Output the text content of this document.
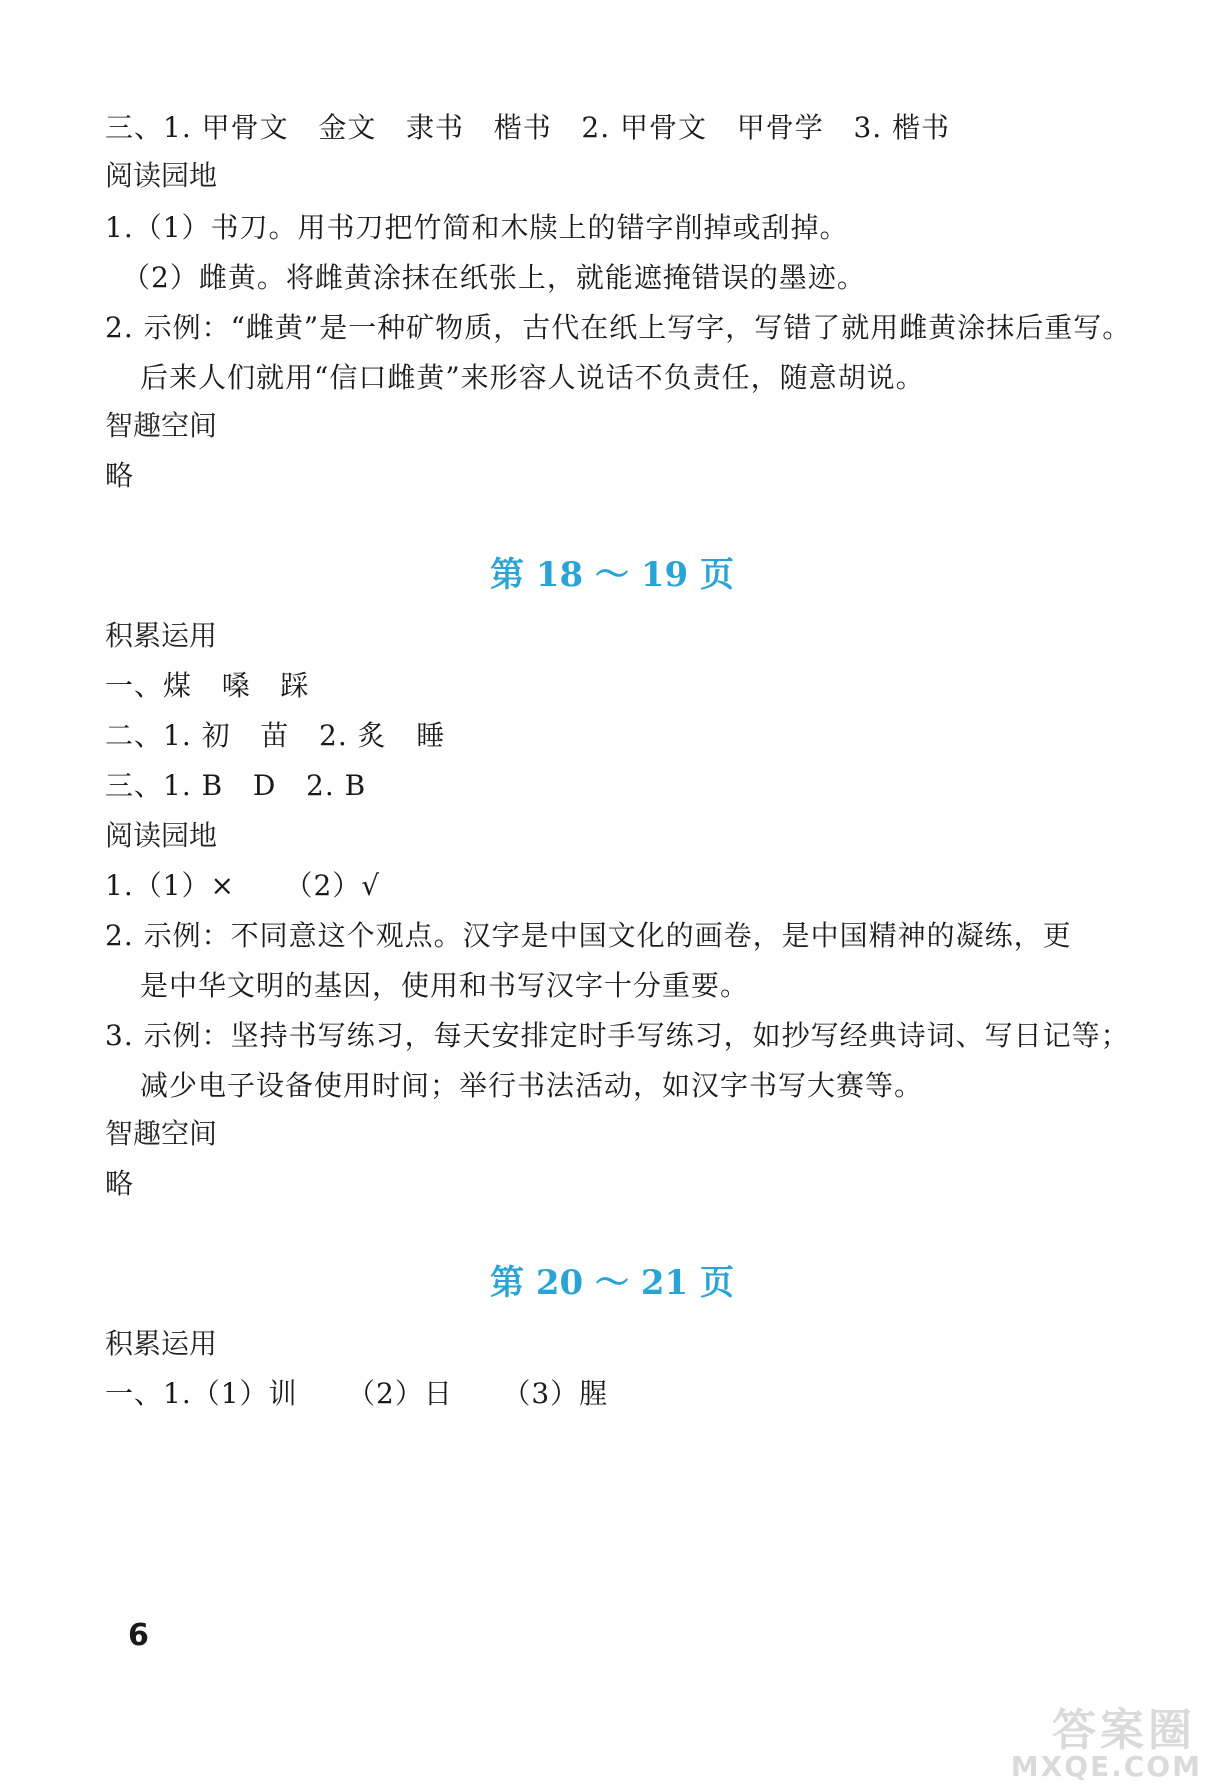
三、1. 甲骨文   金文   隶书   楷书   2. 甲骨文   甲骨学   3. 楷书
阅读园地
1.（1）书刀。用书刀把竹简和木牍上的错字削掉或刮掉。
（2）雌黄。将雌黄涂抹在纸张上，就能遮掩错误的墨迹。
2. 示例：“雌黄”是一种矿物质，古代在纸上写字，写错了就用雌黄涂抹后重写。
后来人们就用“信口雌黄”来形容人说话不负责任，随意胡说。
智趣空间
略
第 18 ～ 19 页
积累运用
一、煤   嗓   踩
二、1. 初   苗   2. 炙   睡
三、1. B   D   2. B
阅读园地
1.（1）×     （2）√
2. 示例：不同意这个观点。汉字是中国文化的画卷，是中国精神的凝练，更
是中华文明的基因，使用和书写汉字十分重要。
3. 示例：坚持书写练习，每天安排定时手写练习，如抄写经典诗词、写日记等；
减少电子设备使用时间；举行书法活动，如汉字书写大赛等。
智趣空间
略
第 20 ～ 21 页
积累运用
一、1.（1）训     （2）日     （3）腥
6
答案圈
MXQE.COM
